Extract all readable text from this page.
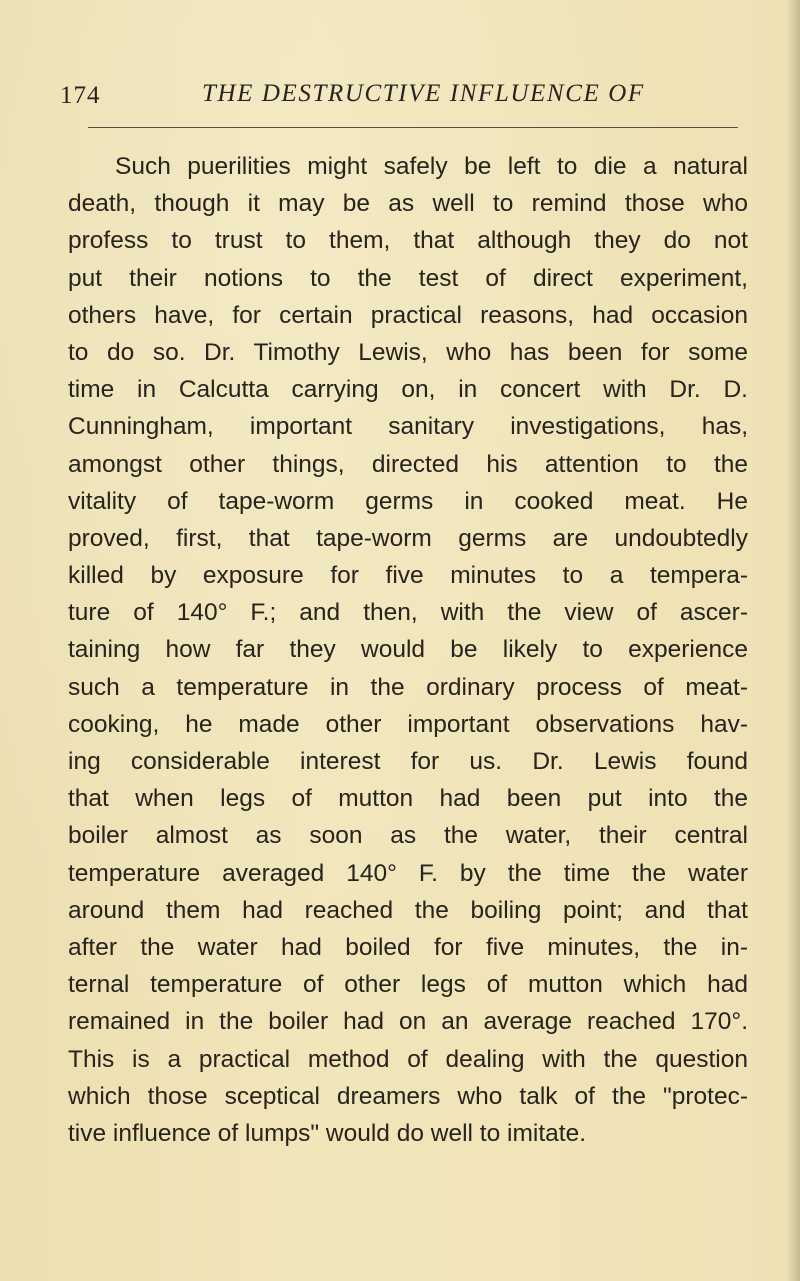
174	THE DESTRUCTIVE INFLUENCE OF
Such puerilities might safely be left to die a natural
death, though it may be as well to remind those who
profess to trust to them, that although they do not
put their notions to the test of direct experiment,
others have, for certain practical reasons, had occasion
to do so. Dr. Timothy Lewis, who has been for some
time in Calcutta carrying on, in concert with Dr. D.
Cunningham, important sanitary investigations, has,
amongst other things, directed his attention to the
vitality of tape-worm germs in cooked meat. He
proved, first, that tape-worm germs are undoubtedly
killed by exposure for five minutes to a tempera-
ture of 140° F.; and then, with the view of ascer-
taining how far they would be likely to experience
such a temperature in the ordinary process of meat-
cooking, he made other important observations hav-
ing considerable interest for us. Dr. Lewis found
that when legs of mutton had been put into the
boiler almost as soon as the water, their central
temperature averaged 140° F. by the time the water
around them had reached the boiling point; and that
after the water had boiled for five minutes, the in-
ternal temperature of other legs of mutton which had
remained in the boiler had on an average reached 170°.
This is a practical method of dealing with the question
which those sceptical dreamers who talk of the "protec-
tive influence of lumps" would do well to imitate.
